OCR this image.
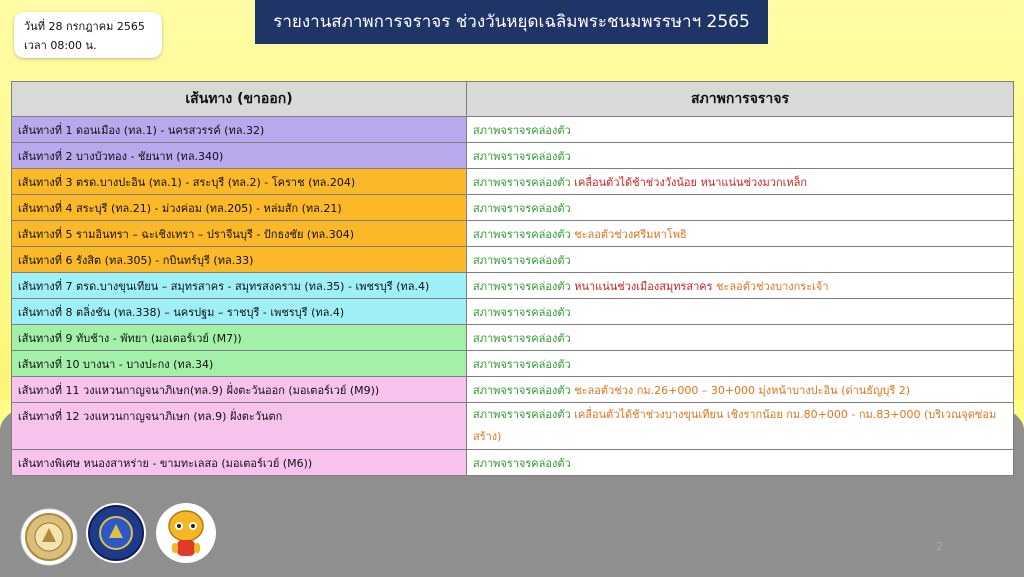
วันที่ 28 กรกฎาคม 2565
เวลา 08:00 น.
รายงานสภาพการจราจร ช่วงวันหยุดเฉลิมพระชนมพรรษาฯ 2565
เส้นทาง (ขาออก)	สภาพการจราจร
เส้นทางที่ 1 ดอนเมือง (ทล.1) - นครสวรรค์ (ทล.32)	สภาพจราจรคล่องตัว
เส้นทางที่ 2 บางบัวทอง - ชัยนาท (ทล.340)	สภาพจราจรคล่องตัว
เส้นทางที่ 3 ตรด.บางปะอิน (ทล.1) - สระบุรี (ทล.2) - โคราช (ทล.204)	สภาพจราจรคล่องตัว เคลื่อนตัวได้ช้าช่วงวังน้อย หนาแน่นช่วงมวกเหล็ก
เส้นทางที่ 4 สระบุรี (ทล.21) - ม่วงค่อม (ทล.205) - หล่มสัก (ทล.21)	สภาพจราจรคล่องตัว
เส้นทางที่ 5 รามอินทรา – ฉะเชิงเทรา – ปราจีนบุรี - ปักธงชัย (ทล.304)	สภาพจราจรคล่องตัว ชะลอตัวช่วงศรีมหาโพธิ
เส้นทางที่ 6 รังสิต (ทล.305) - กบินทร์บุรี (ทล.33)	สภาพจราจรคล่องตัว
เส้นทางที่ 7 ตรด.บางขุนเทียน – สมุทรสาคร - สมุทรสงคราม (ทล.35) - เพชรบุรี (ทล.4)	สภาพจราจรคล่องตัว หนาแน่นช่วงเมืองสมุทรสาคร ชะลอตัวช่วงบางกระเจ้า
เส้นทางที่ 8 ตลิ่งชัน (ทล.338) – นครปฐม – ราชบุรี - เพชรบุรี (ทล.4)	สภาพจราจรคล่องตัว
เส้นทางที่ 9 ทับช้าง - พัทยา (มอเตอร์เวย์ (M7))	สภาพจราจรคล่องตัว
เส้นทางที่ 10 บางนา - บางปะกง (ทล.34)	สภาพจราจรคล่องตัว
เส้นทางที่ 11 วงแหวนกาญจนาภิเษก(ทล.9) ฝั่งตะวันออก (มอเตอร์เวย์ (M9))	สภาพจราจรคล่องตัว ชะลอตัวช่วง กม.26+000 – 30+000 มุ่งหน้าบางปะอิน (ด่านธัญบุรี 2)
เส้นทางที่ 12 วงแหวนกาญจนาภิเษก (ทล.9) ฝั่งตะวันตก	สภาพจราจรคล่องตัว เคลื่อนตัวได้ช้าช่วงบางขุนเทียน เชิงรากน้อย กม.80+000 - กม.83+000 (บริเวณจุดซ่อมสร้าง)
เส้นทางพิเศษ หนองสาหร่าย - ขามทะเลสอ (มอเตอร์เวย์ (M6))	สภาพจราจรคล่องตัว
2
